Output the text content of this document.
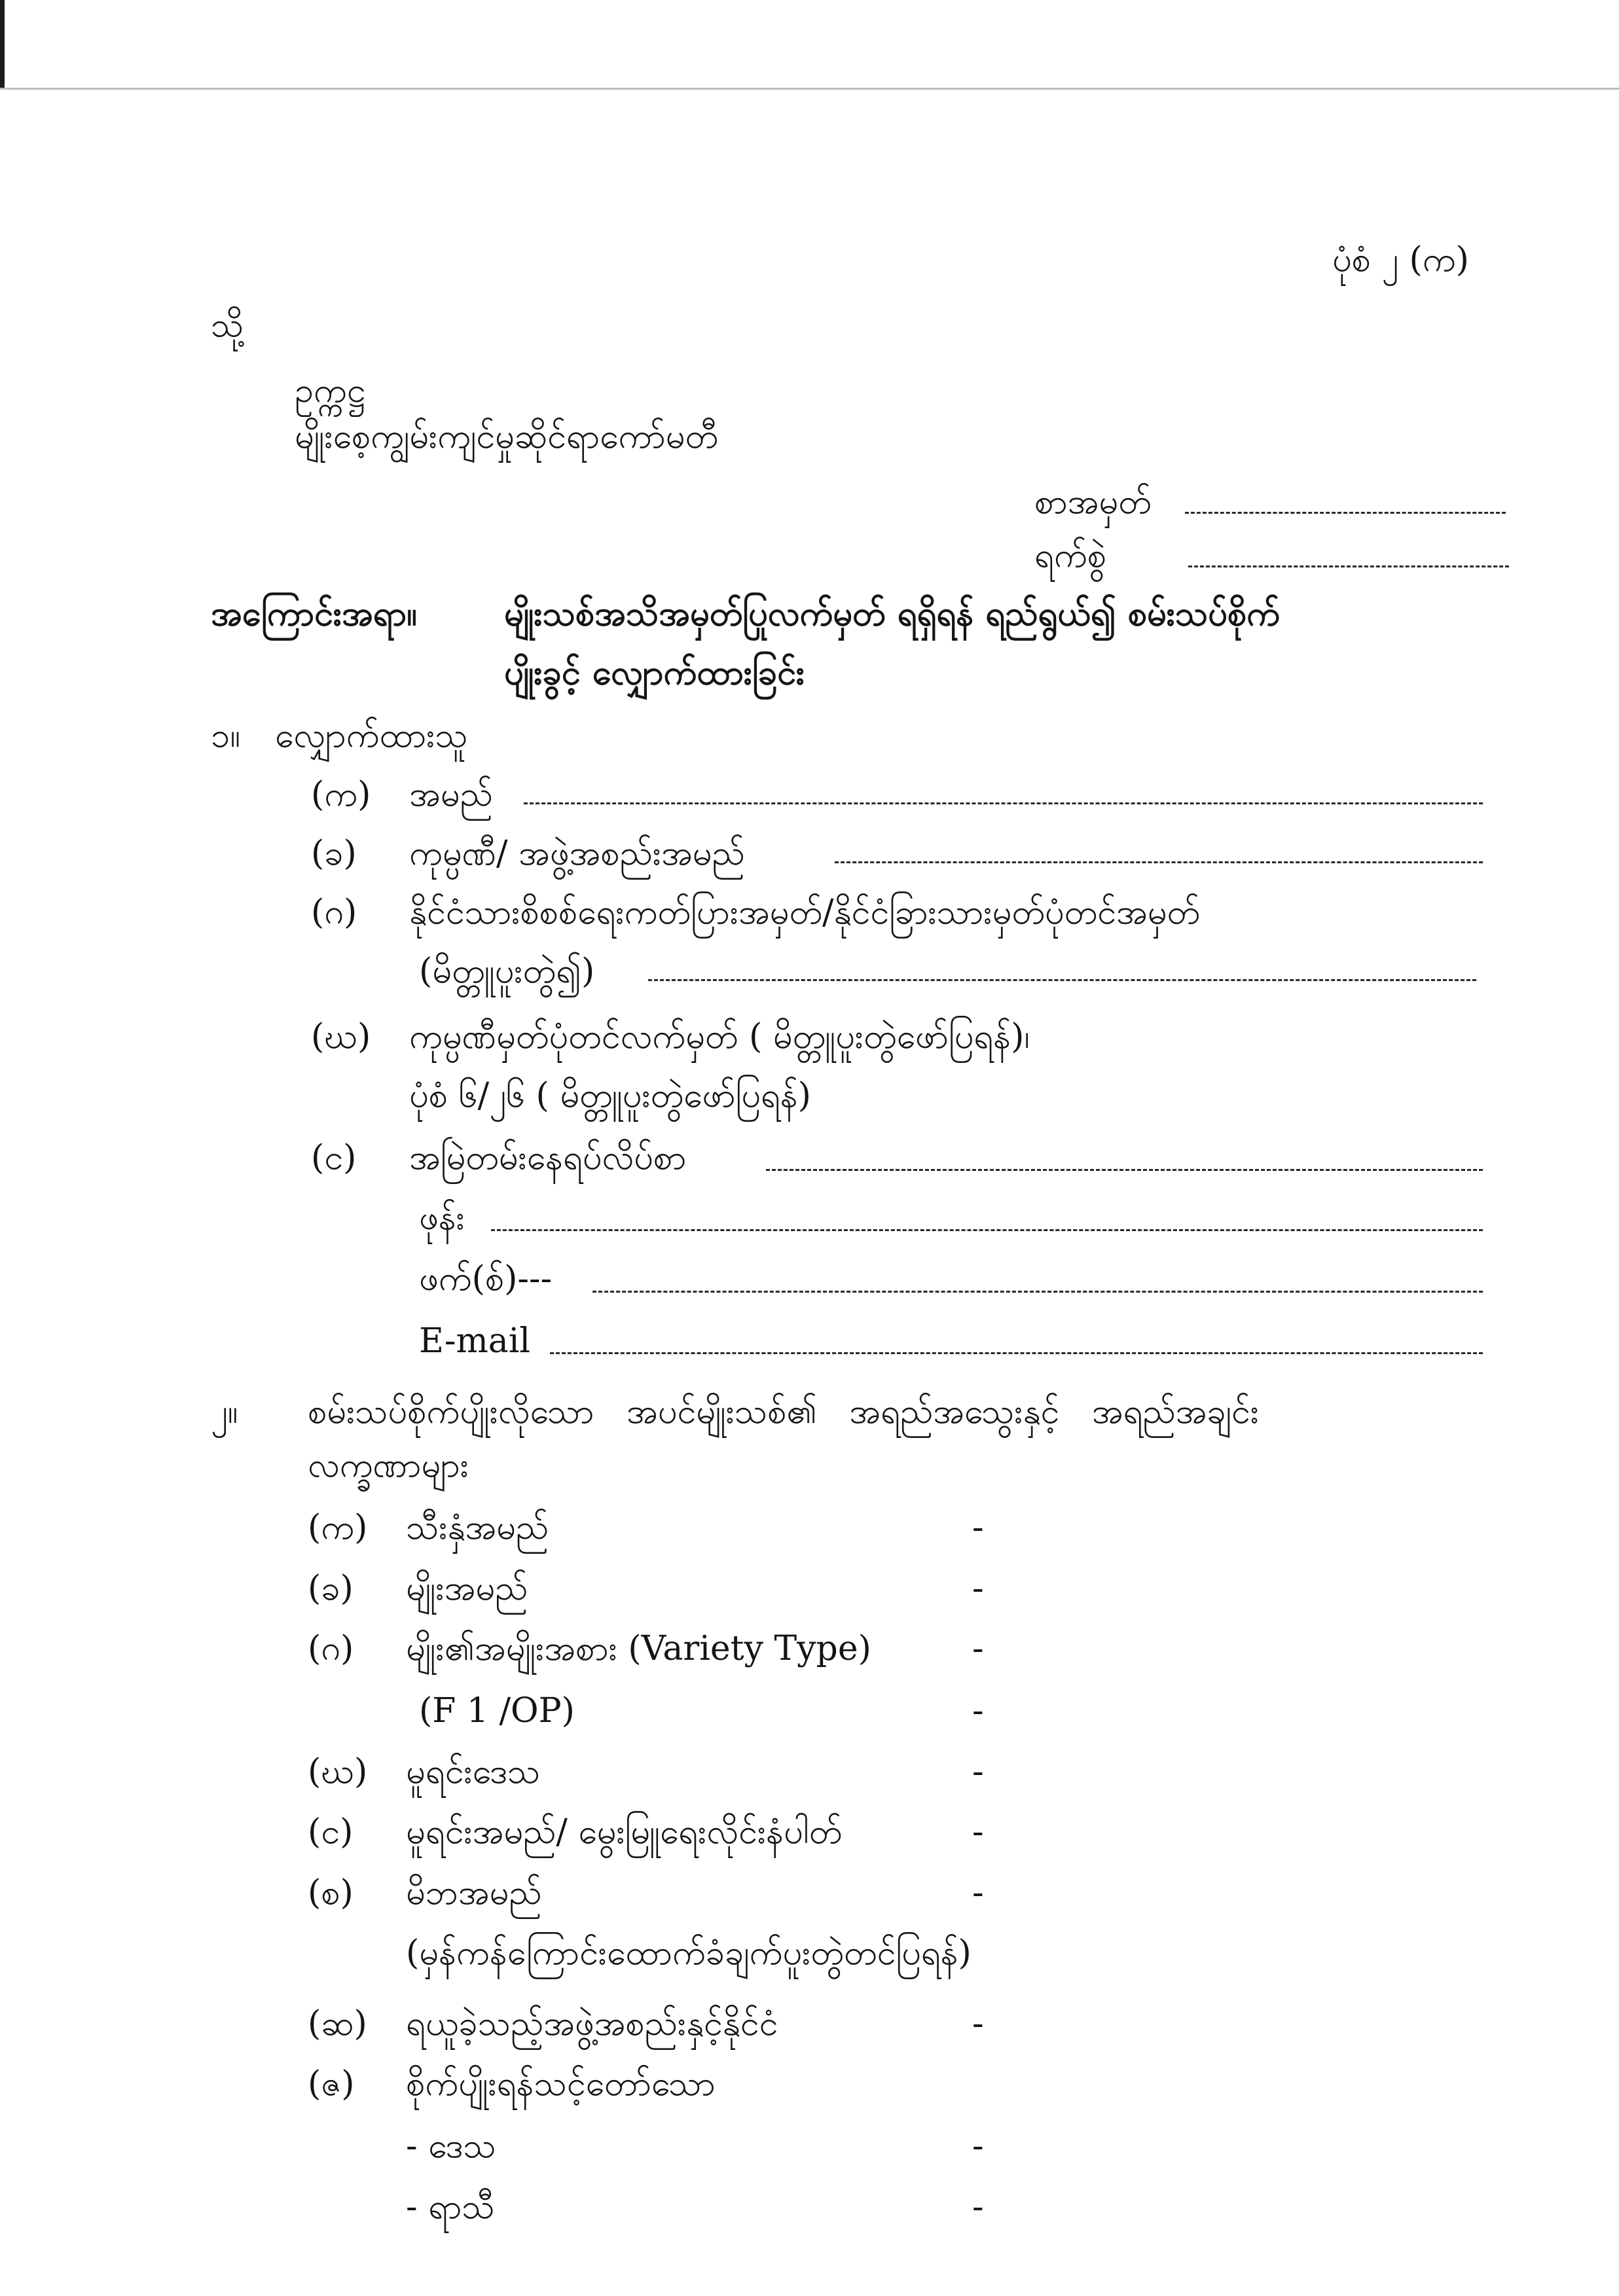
ပုံစံ ၂ (က)
သို့
ဥက္ကဋ္ဌ
မျိုးစေ့ကျွမ်းကျင်မှုဆိုင်ရာကော်မတီ
စာအမှတ်
ရက်စွဲ
အကြောင်းအရာ။	မျိုးသစ်အသိအမှတ်ပြုလက်မှတ် ရရှိရန် ရည်ရွယ်၍ စမ်းသပ်စိုက်
ပျိုးခွင့် လျှောက်ထားခြင်း
၁။ လျှောက်ထားသူ
(က) အမည်
(ခ) ကုမ္ပဏီ/ အဖွဲ့အစည်းအမည်
(ဂ) နိုင်ငံသားစိစစ်ရေးကတ်ပြားအမှတ်/နိုင်ငံခြားသားမှတ်ပုံတင်အမှတ်
(မိတ္တူပူးတွဲ၍)
(ဃ) ကုမ္ပဏီမှတ်ပုံတင်လက်မှတ် ( မိတ္တူပူးတွဲဖော်ပြရန်)၊
ပုံစံ ၆/၂၆ ( မိတ္တူပူးတွဲဖော်ပြရန်)
(င) အမြဲတမ်းနေရပ်လိပ်စာ
ဖုန်း
ဖက်(စ်)---
E-mail
၂။ စမ်းသပ်စိုက်ပျိုးလိုသော   အပင်မျိုးသစ်၏   အရည်အသွေးနှင့်   အရည်အချင်း
လက္ခဏာများ
(က) သီးနှံအမည်	-
(ခ) မျိုးအမည်	-
(ဂ) မျိုး၏အမျိုးအစား (Variety Type)	-
(F 1 /OP)	-
(ဃ) မူရင်းဒေသ	-
(င) မူရင်းအမည်/ မွေးမြူရေးလိုင်းနံပါတ်	-
(စ) မိဘအမည်	-
(မှန်ကန်ကြောင်းထောက်ခံချက်ပူးတွဲတင်ပြရန်)
(ဆ) ရယူခဲ့သည့်အဖွဲ့အစည်းနှင့်နိုင်ငံ	-
(ဇ) စိုက်ပျိုးရန်သင့်တော်သော
- ဒေသ	-
- ရာသီ	-
